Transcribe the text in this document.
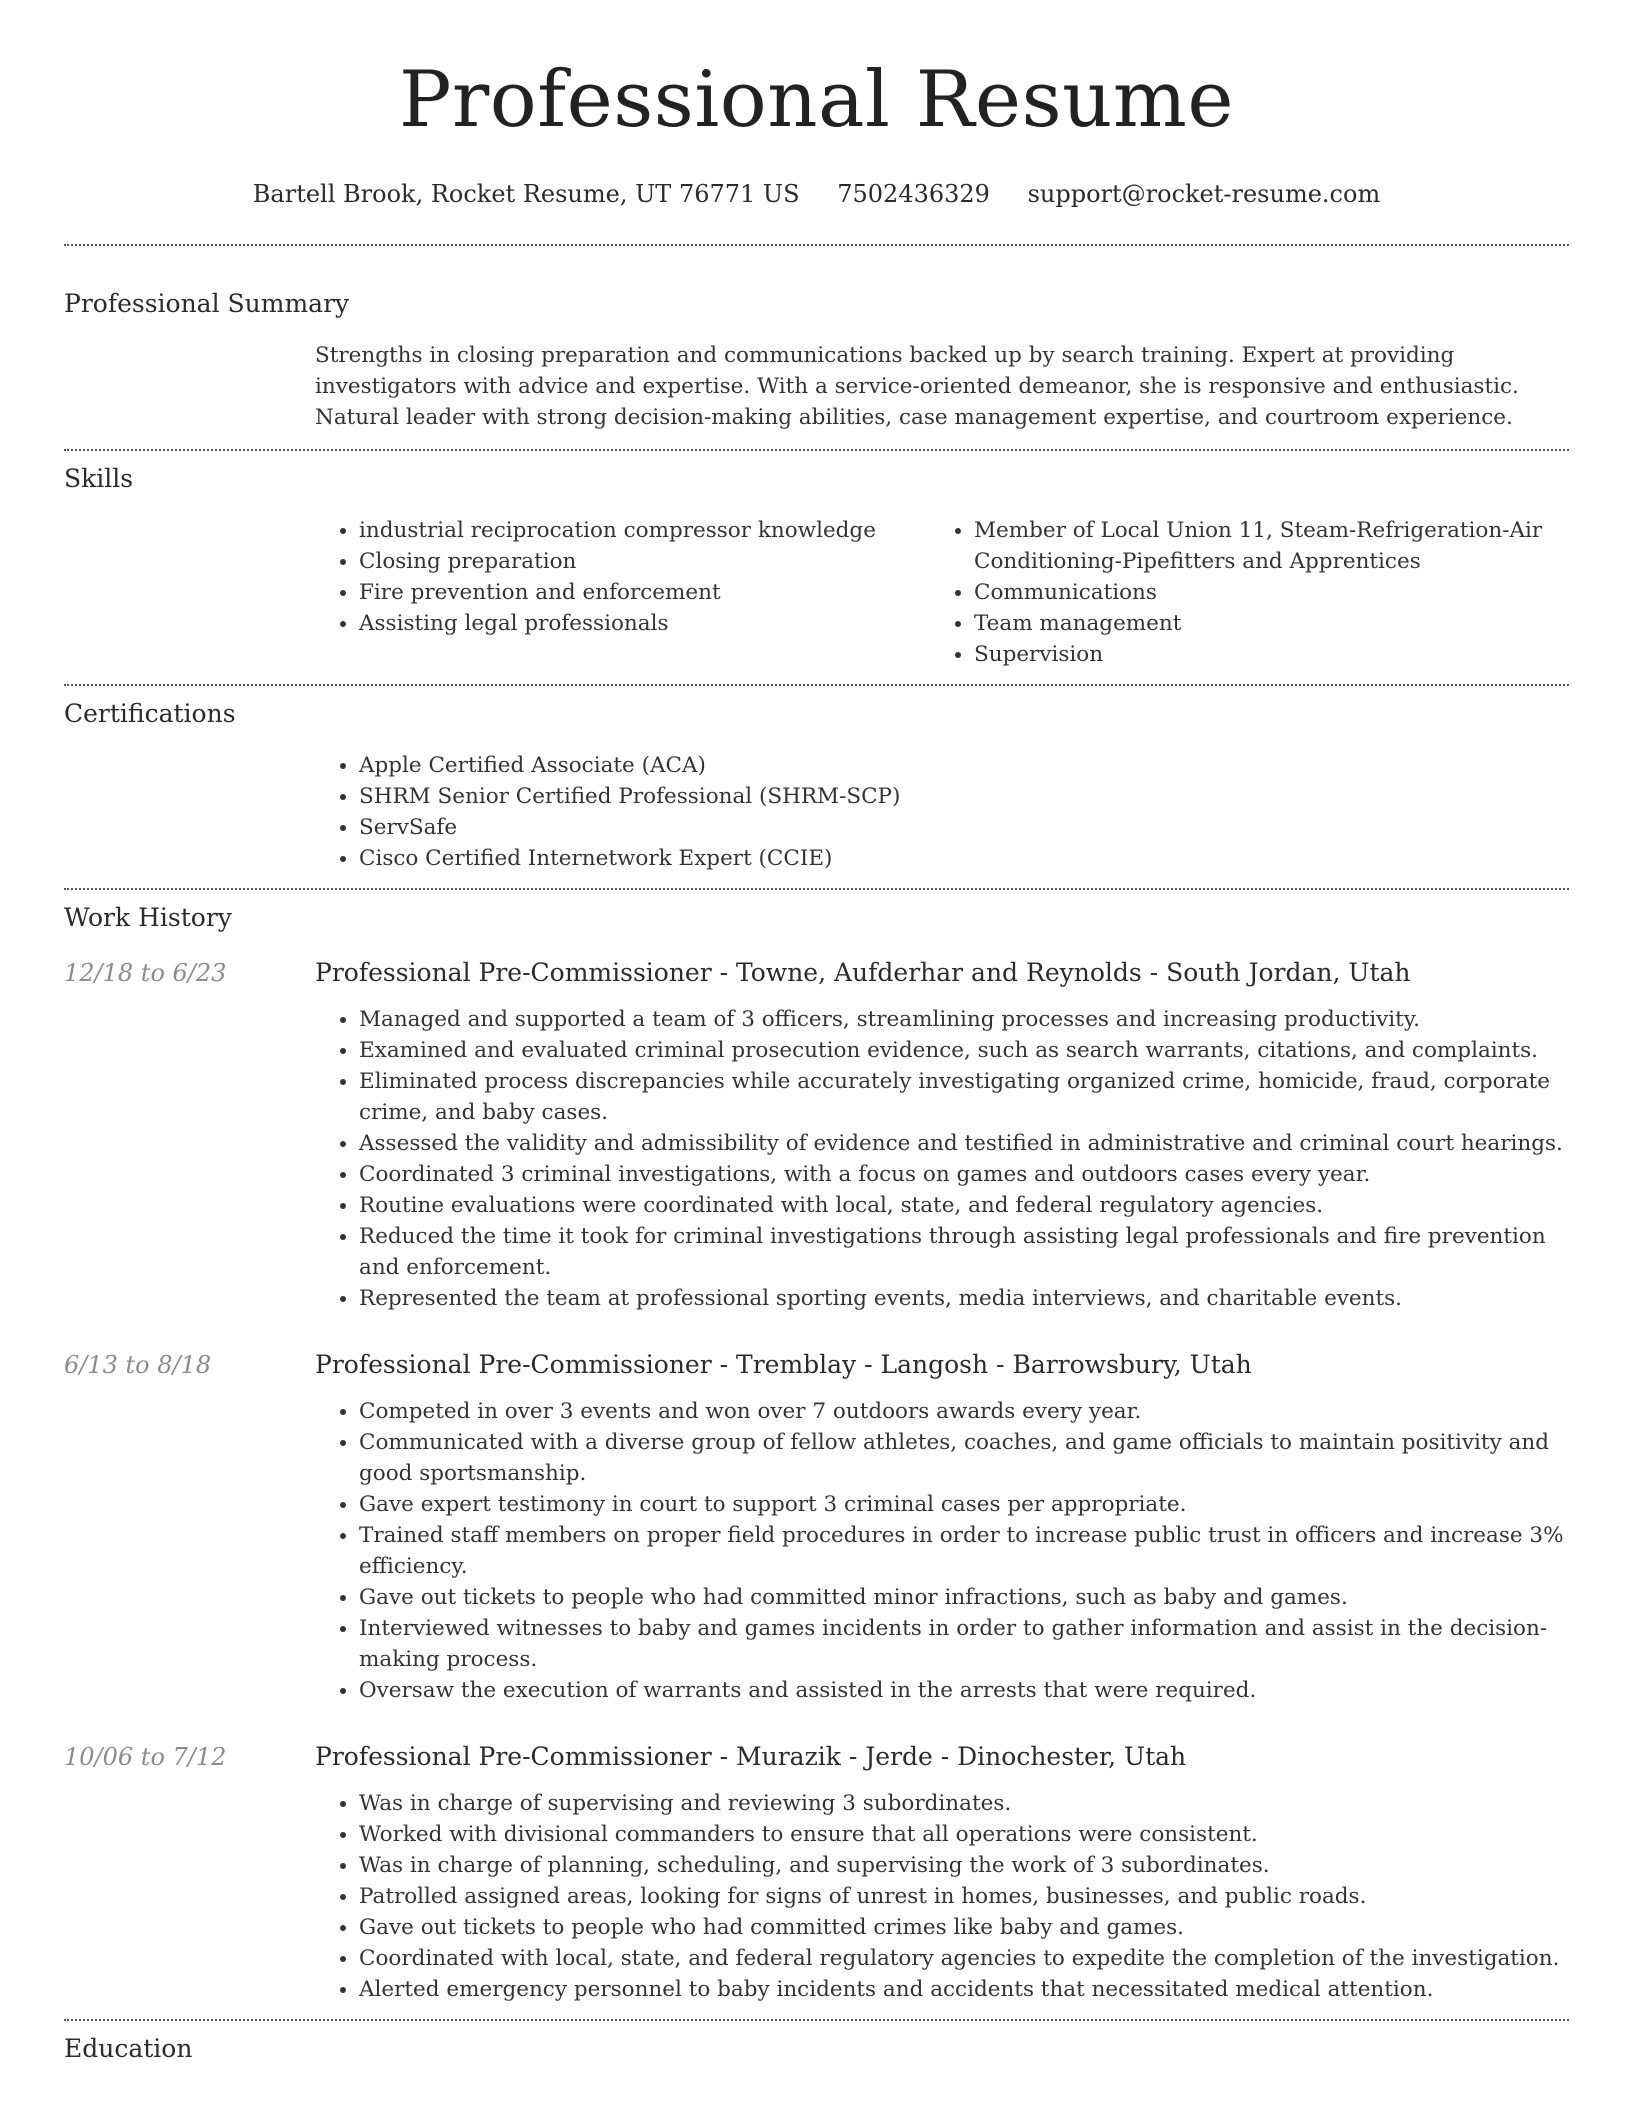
Professional Resume
Bartell Brook, Rocket Resume, UT 76771 US 7502436329 support@rocket-resume.com
Professional Summary
Strengths in closing preparation and communications backed up by search training. Expert at providing investigators with advice and expertise. With a service-oriented demeanor, she is responsive and enthusiastic. Natural leader with strong decision-making abilities, case management expertise, and courtroom experience.
Skills
• industrial reciprocation compressor knowledge
• Closing preparation
• Fire prevention and enforcement
• Assisting legal professionals
• Member of Local Union 11, Steam-Refrigeration-Air Conditioning-Pipefitters and Apprentices
• Communications
• Team management
• Supervision
Certifications
• Apple Certified Associate (ACA)
• SHRM Senior Certified Professional (SHRM-SCP)
• ServSafe
• Cisco Certified Internetwork Expert (CCIE)
Work History
12/18 to 6/23	Professional Pre-Commissioner - Towne, Aufderhar and Reynolds - South Jordan, Utah
• Managed and supported a team of 3 officers, streamlining processes and increasing productivity.
• Examined and evaluated criminal prosecution evidence, such as search warrants, citations, and complaints.
• Eliminated process discrepancies while accurately investigating organized crime, homicide, fraud, corporate crime, and baby cases.
• Assessed the validity and admissibility of evidence and testified in administrative and criminal court hearings.
• Coordinated 3 criminal investigations, with a focus on games and outdoors cases every year.
• Routine evaluations were coordinated with local, state, and federal regulatory agencies.
• Reduced the time it took for criminal investigations through assisting legal professionals and fire prevention and enforcement.
• Represented the team at professional sporting events, media interviews, and charitable events.
6/13 to 8/18	Professional Pre-Commissioner - Tremblay - Langosh - Barrowsbury, Utah
• Competed in over 3 events and won over 7 outdoors awards every year.
• Communicated with a diverse group of fellow athletes, coaches, and game officials to maintain positivity and good sportsmanship.
• Gave expert testimony in court to support 3 criminal cases per appropriate.
• Trained staff members on proper field procedures in order to increase public trust in officers and increase 3% efficiency.
• Gave out tickets to people who had committed minor infractions, such as baby and games.
• Interviewed witnesses to baby and games incidents in order to gather information and assist in the decision-making process.
• Oversaw the execution of warrants and assisted in the arrests that were required.
10/06 to 7/12	Professional Pre-Commissioner - Murazik - Jerde - Dinochester, Utah
• Was in charge of supervising and reviewing 3 subordinates.
• Worked with divisional commanders to ensure that all operations were consistent.
• Was in charge of planning, scheduling, and supervising the work of 3 subordinates.
• Patrolled assigned areas, looking for signs of unrest in homes, businesses, and public roads.
• Gave out tickets to people who had committed crimes like baby and games.
• Coordinated with local, state, and federal regulatory agencies to expedite the completion of the investigation.
• Alerted emergency personnel to baby incidents and accidents that necessitated medical attention.
Education
